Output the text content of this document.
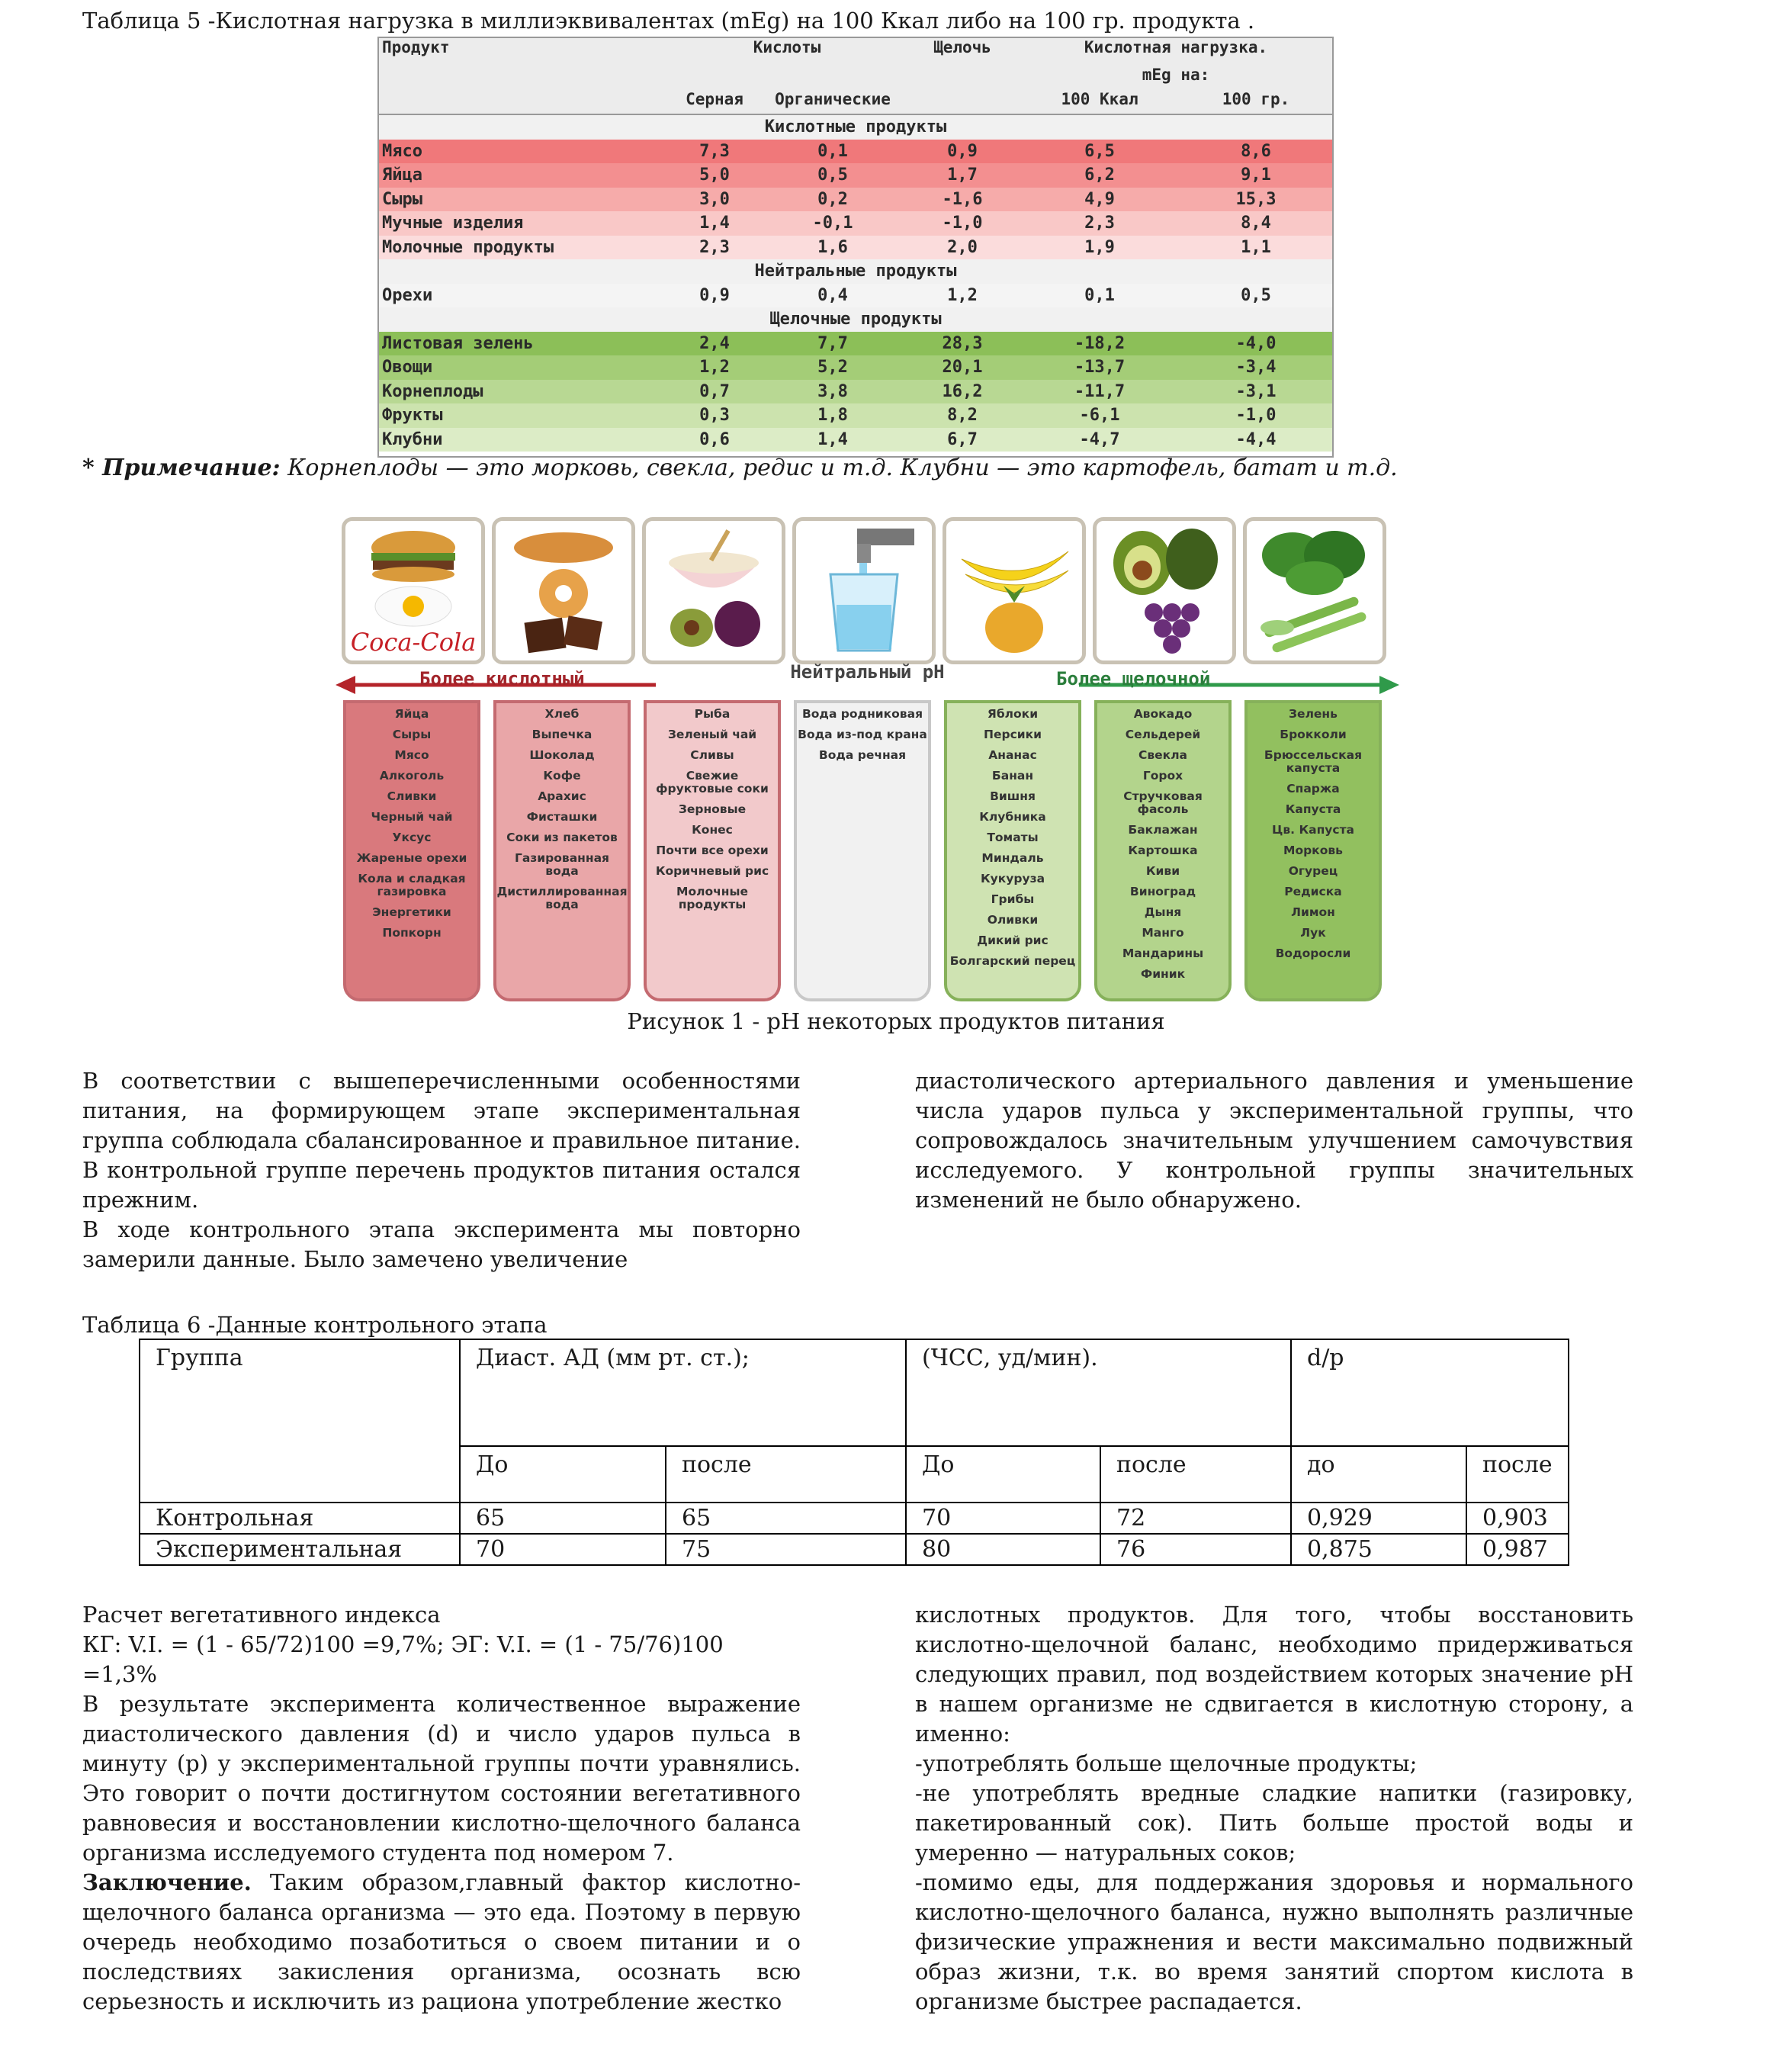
Таблица 5 -Кислотная нагрузка в миллиэквивалентах (mEg) на 100 Ккал либо на 100 гр. продукта .
Продукт	Кислоты		Щелочь	Кислотная нагрузка.	
				mEg на:	
	Серная	Органические		100 Ккал	100 гр.
Кислотные продукты					
Мясо	7,3	0,1	0,9	6,5	8,6
Яйца	5,0	0,5	1,7	6,2	9,1
Сыры	3,0	0,2	-1,6	4,9	15,3
Мучные изделия	1,4	-0,1	-1,0	2,3	8,4
Молочные продукты	2,3	1,6	2,0	1,9	1,1
Нейтральные продукты					
Орехи	0,9	0,4	1,2	0,1	0,5
Щелочные продукты					
Листовая зелень	2,4	7,7	28,3	-18,2	-4,0
Овощи	1,2	5,2	20,1	-13,7	-3,4
Корнеплоды	0,7	3,8	16,2	-11,7	-3,1
Фрукты	0,3	1,8	8,2	-6,1	-1,0
Клубни	0,6	1,4	6,7	-4,7	-4,4
* Примечание: Корнеплоды — это морковь, свекла, редис и т.д. Клубни — это картофель, батат и т.д.
Coca-Cola
Более кислотный	Нейтральный рН	Более щелочной
Яйца
Сыры
Мясо
Алкоголь
Сливки
Черный чай
Уксус
Жареные орехи
Кола и сладкая газировка
Энергетики
Попкорн
Хлеб
Выпечка
Шоколад
Кофе
Арахис
Фисташки
Соки из пакетов
Газированная вода
Дистиллированная вода
Рыба
Зеленый чай
Сливы
Свежие фруктовые соки
Зерновые
Конес
Почти все орехи
Коричневый рис
Молочные продукты
Вода родниковая
Вода из-под крана
Вода речная
Яблоки
Персики
Ананас
Банан
Вишня
Клубника
Томаты
Миндаль
Кукуруза
Грибы
Оливки
Дикий рис
Болгарский перец
Авокадо
Сельдерей
Свекла
Горох
Стручковая фасоль
Баклажан
Картошка
Киви
Виноград
Дыня
Манго
Мандарины
Финик
Зелень
Брокколи
Брюссельская капуста
Спаржа
Капуста
Цв. Капуста
Морковь
Огурец
Редиска
Лимон
Лук
Водоросли
Рисунок 1 - рН некоторых продуктов питания

В соответствии с вышеперечисленными особенностями питания, на формирующем этапе экспериментальная группа соблюдала сбалансированное и правильное питание. В контрольной группе перечень продуктов питания остался прежним.

В ходе контрольного этапа эксперимента мы повторно замерили данные. Было замечено увеличение

диастолического артериального давления и уменьшение числа ударов пульса у экспериментальной группы, что сопровождалось значительным улучшением самочувствия исследуемого. У контрольной группы значительных изменений не было обнаружено.

Таблица 6 -Данные контрольного этапа
Группа	Диаст. АД (мм рт. ст.);		(ЧСС, уд/мин).		d/p	
	До	после	До	после	до	после
Контрольная	65	65	70	72	0,929	0,903
Экспериментальная	70	75	80	76	0,875	0,987

Расчет вегетативного индекса

КГ: V.I. = (1 - 65/72)100 =9,7%; ЭГ: V.I. = (1 - 75/76)100 =1,3%

В результате эксперимента количественное выражение диастолического давления (d) и число ударов пульса в минуту (р) у экспериментальной группы почти уравнялись. Это говорит о почти достигнутом состоянии вегетативного равновесия и восстановлении кислотно-щелочного баланса организма исследуемого студента под номером 7.

Заключение. Таким образом,главный фактор кислотно-щелочного баланса организма — это еда. Поэтому в первую очередь необходимо позаботиться о своем питании и о последствиях закисления организма, осознать всю серьезность и исключить из рациона употребление жестко

кислотных продуктов. Для того, чтобы восстановить кислотно-щелочной баланс, необходимо придерживаться следующих правил, под воздействием которых значение рН в нашем организме не сдвигается в кислотную сторону, а именно:

-употреблять больше щелочные продукты;

-не употреблять вредные сладкие напитки (газировку, пакетированный сок). Пить больше простой воды и умеренно — натуральных соков;

-помимо еды, для поддержания здоровья и нормального кислотно-щелочного баланса, нужно выполнять различные физические упражнения и вести максимально подвижный образ жизни, т.к. во время занятий спортом кислота в организме быстрее распадается.
